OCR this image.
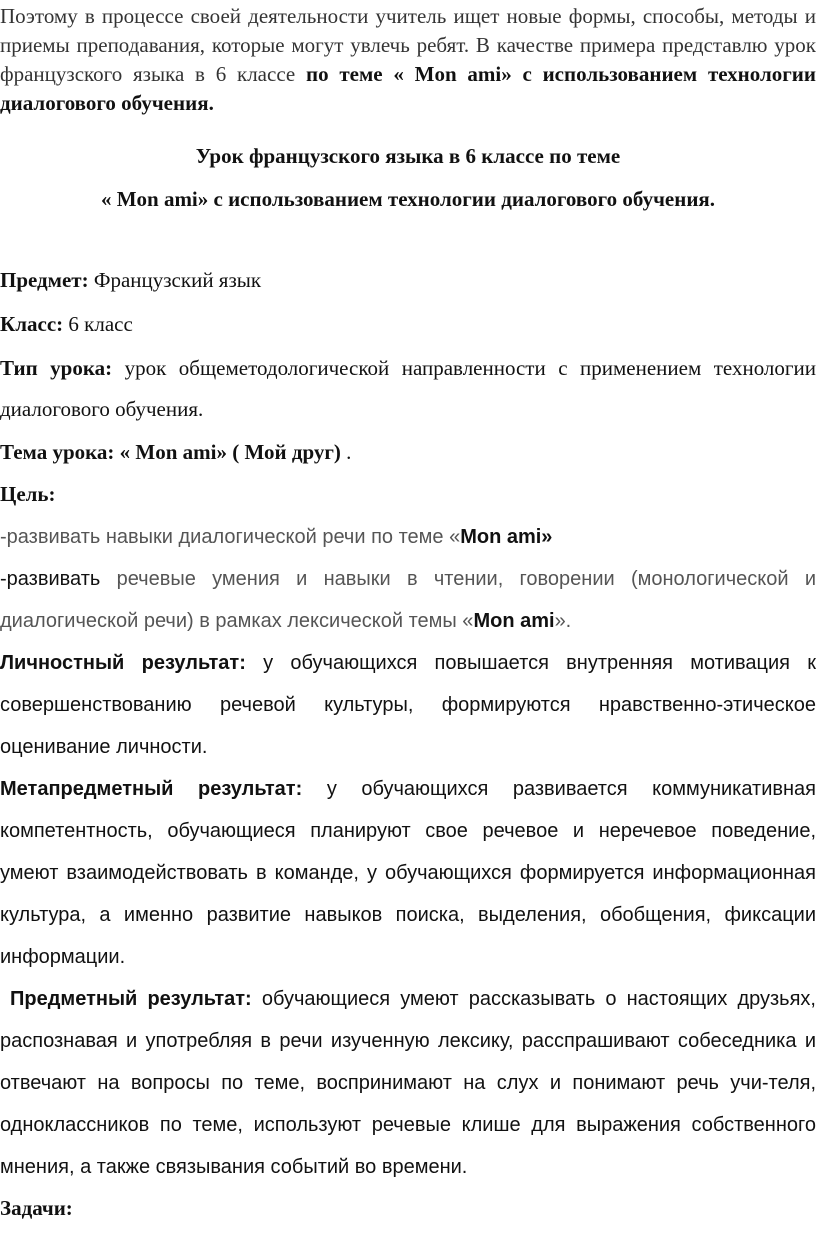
Поэтому в процессе своей деятельности учитель ищет новые формы, способы, методы и приемы преподавания, которые могут увлечь ребят. В качестве примера представлю урок французского языка в 6 классе по теме « Mon ami» с использованием технологии диалогового обучения.

Урок французского языка в 6 классе по теме

« Mon ami» с использованием технологии диалогового обучения.

Предмет: Французский язык

Класс: 6 класс

Тип урока: урок общеметодологической направленности с применением технологии диалогового обучения.

Тема урока: « Mon ami» ( Мой друг) .

Цель:

-развивать навыки диалогической речи по теме «Mon ami»

-развивать речевые умения и навыки в чтении, говорении (монологической и диалогической речи) в рамках лексической темы «Mon ami».

Личностный результат: у обучающихся повышается внутренняя мотивация к совершенствованию речевой культуры, формируются нравственно-этическое оценивание личности.

Метапредметный результат: у обучающихся развивается коммуникативная компетентность, обучающиеся планируют свое речевое и неречевое поведение, умеют взаимодействовать в команде, у обучающихся формируется информационная культура, а именно развитие навыков поиска, выделения, обобщения, фиксации информации.

Предметный результат: обучающиеся умеют рассказывать о настоящих друзьях, распознавая и употребляя в речи изученную лексику, расспрашивают собеседника и отвечают на вопросы по теме, воспринимают на слух и понимают речь учи-теля, одноклассников по теме, используют речевые клише для выражения собственного мнения, а также связывания событий во времени.

Задачи:
